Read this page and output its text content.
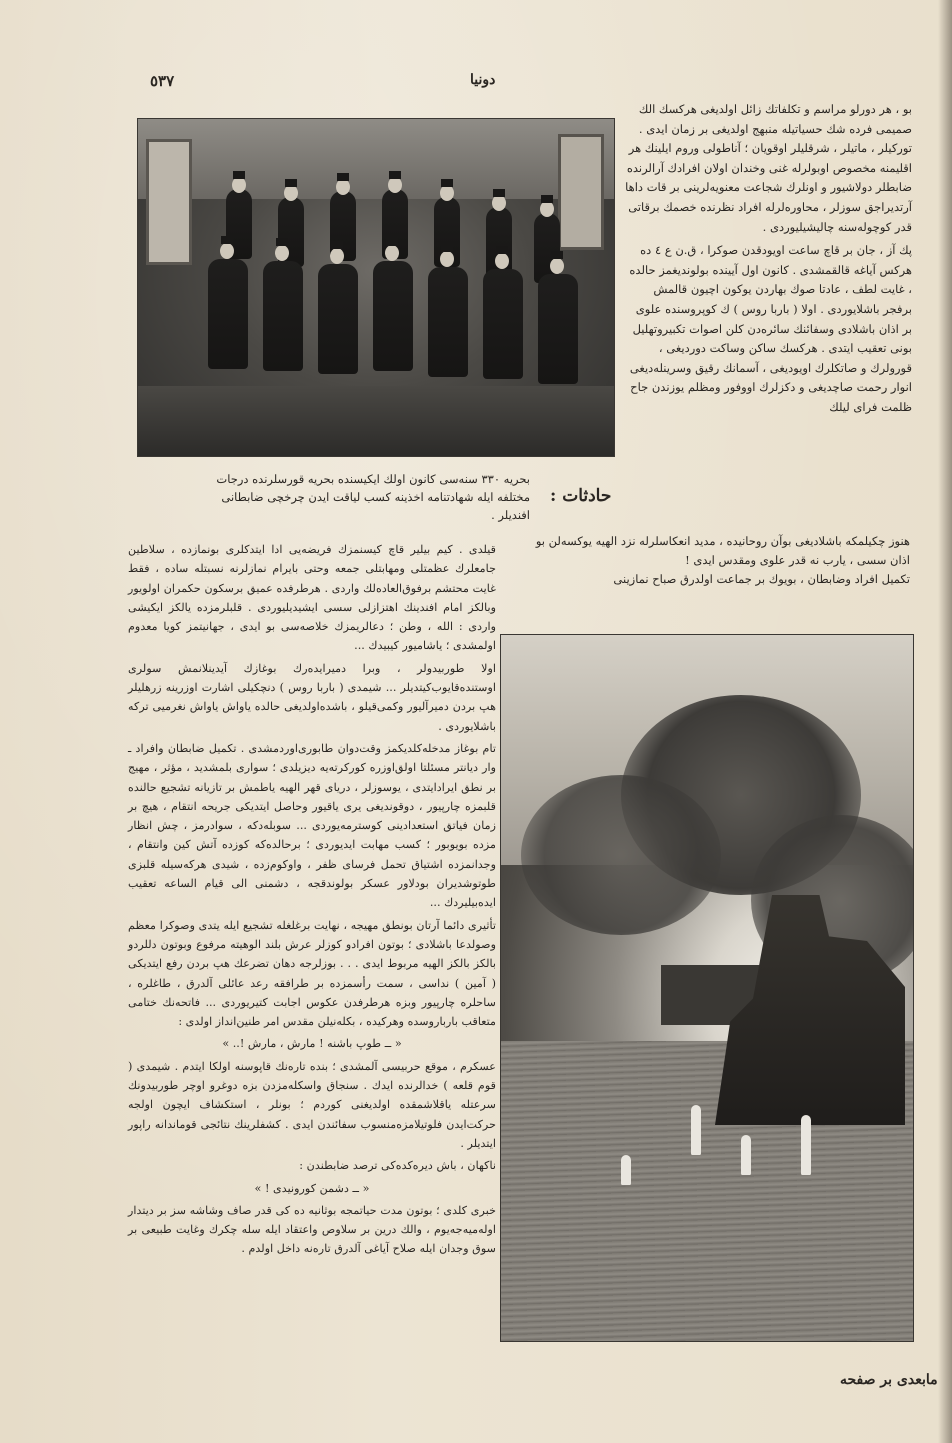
٥٣٧	دونیا
حادثات :
بحریه ۳۳۰ سنه‌سی کانون اولك ایکیسنده بحریه قورسلرنده درجات مختلفه ایله شهادتنامه اخذینه کسب لیاقت ایدن چرخچی ضابطانی افندیلر .

بو ، هر دورلو مراسم و تکلفاتك زائل اولدیغی هرکسك الك صمیمی فرده شك حسیاتیله منبهج اولدیغی بر زمان ایدی . تورکیلر ، ماتیلر ، شرقلیلر اوقویان ؛ آناطولی وروم ایلینك هر اقلیمنه مخصوص اوبولرله غنی وخندان اولان افرادك آرالرنده ضابطلر دولاشیور و اونلرك شجاعت معنویه‌لرینی بر قات داها آرتدیراجق سوزلر ، محاوره‌لرله افراد نظرنده خصمك برقاتی قدر کوچوله‌سنه چالیشیلیوردی .

پك آز ، جان بر قاچ ساعت اویودقدن صوکرا ، ق.ن ع ٤ ده هرکس آیاغه قالقمشدی . کانون اول آیینده بولوندیغمز حالده ، غایت لطف ، عادتا صوك بهاردن یوکون اچیون قالمش برفجر باشلایوردی . اولا ( باربا روس ) ك کوپروسنده علوی بر اذان باشلادی وسفائنك سائره‌دن کلن اصوات تکبیروتهلیل بونی تعقیب ایتدی . هرکسك ساکن وساکت دوردیغی ، قورولرك و صاتکلرك اویودیغی ، آسمانك رقیق وسرینله‌دیغی انوار رحمت صاچدیغی و دکزلرك اووفور ومظلم یوزندن جاح ظلمت فرای لیلك

هنوز چکیلمکه باشلادیغی بوآن روحانیده ، مدید انعکاسلرله نزد الهیه یوکسه‌لن بو اذان سسی ، یارب نه قدر علوی ومقدس ایدی !

تکمیل افراد وضابطان ، بویوك بر جماعت اولدرق صباح نمازینی

قیلدی . کیم بیلیر قاچ کیسنمزك فریضه‌یی ادا ایتدکلری بونمازده ، سلاطین جامعلرك عظمتلی ومهابتلی جمعه وحتی بایرام نمازلرنه نسبتله ساده ، فقط غایت محتشم برفوق‌العاده‌لك واردی . هرطرفده عمیق برسکون حکمران اولویور وبالکز امام افندینك اهتزازلی سسی ایشیدیلیوردی . قلبلرمزده یالکز ایکیشی واردی : الله ، وطن ؛ دعالریمزك خلاصه‌سی بو ایدی ، جهانیتمز کویا معدوم اولمشدی ؛ یاشامیور کیبیدك ...

اولا طوربیدولر ، وبرا دمیرایده‌رك بوغازك آیدینلانمش سولری اوستنده‌قایوب‌کیتدیلر ... شیمدی ( باربا روس ) دنچکیلی اشارت اوزرینه زرهلیلر هپ بردن دمیرآلیور وکمی‌قیلو ، باشده‌اولدیغی حالده یاواش یاواش نغرمیی ترکه باشلایوردی .

تام بوغاز مدخله‌کلدیکمز وقت‌دوان طابوری‌اوردمشدی . تکمیل ضابطان وافراد ـ وار دیانتر مسئلتا اولق‌اوزره کورکرته‌یه دیزیلدی ؛ سواری بلمشدید ، مؤثر ، مهیج بر نطق ایراد‌ایتدی ، یوسوزلر ، دریای قهر الهیه یاطمش بر تازیانه تشجیع حالنده قلبمزه چارپیور ، دوقوندیغی یری یاقیور وحاصل ایتدیکی جریحه انتقام ، هیچ بر زمان فیاتق استعدادینی کوسترمه‌یوردی ... سوبله‌دکه ، سوادرمز ، چش انظار مزده بویوبور ؛ کسب مهابت ایدیوردی ؛ برحالده‌که کوزده آتش کین وانتقام ، وجدانمزده اشتیاق تحمل فرسای ظفر ، واوکوم‌زده ، شیدی هرکه‌سیله قلبزی طوتوشدیران بودلاور عسکر بولوندقجه ، دشمنی الی قیام الساعه تعقیب ایده‌بیلیردك ...

تأثیری دائما آرتان بونطق مهیجه ، نهایت برغلغله تشجیع ایله یتدی وصوکرا معظم وصولدعا باشلادی ؛ بوتون افرادو کوزلر عرش بلند الوهیته مرفوع وبوتون دللردو بالکز بالکز الهیه مربوط ایدی . . . بوزلرجه دهان تضرعك هپ بردن رفع ایتدیکی ( آمین ) نداسی ، سمت رأسمزده بر طرافقه رعد عائلی آلدرق ، طاغلره ، ساحلره چارپیور وبزه هرطرفدن عکوس اجابت کتیریوردی ... فاتحه‌نك ختامی متعاقب بارباروسده وهرکیده ، بکله‌نیلن مقدس امر طنین‌انداز اولدی :

« ــ طوپ باشنه ! مارش ، مارش !.. »

عسکرم ، موقع حربیسی آلمشدی ؛ بنده تاره‌نك قاپوسنه اولکا ایتدم . شیمدی ( قوم قلعه ) خدالرنده ایدك . سنجاق واسکله‌مزدن بزه دوغرو اوچر طوربیدونك سرعتله یاقلاشمقده اولدیغنی کوردم ؛ بونلر ، استکشاف ایچون اولجه حرکت‌ایدن فلوتیلامزه‌منسوب سفائندن ایدی . کشفلرینك نتائجی قوماندانه راپور ایتدیلر .

ناکهان ، باش دیره‌کده‌کی ترصد ضابطندن :

« ــ دشمن کورونیدی ! »

خبری کلدی ؛ بوتون مدت حیاتمجه بوثانیه ده کی قدر صاف وشاشه سز بر دیتدار اوله‌میه‌جه‌یوم ، والك درین بر سلاوص واعتقاد ایله سله چکرك وغایت طبیعی بر سوق وجدان ایله صلاح آیاغی آلدرق تاره‌نه داخل اولدم .

مابعدی بر صفحه
